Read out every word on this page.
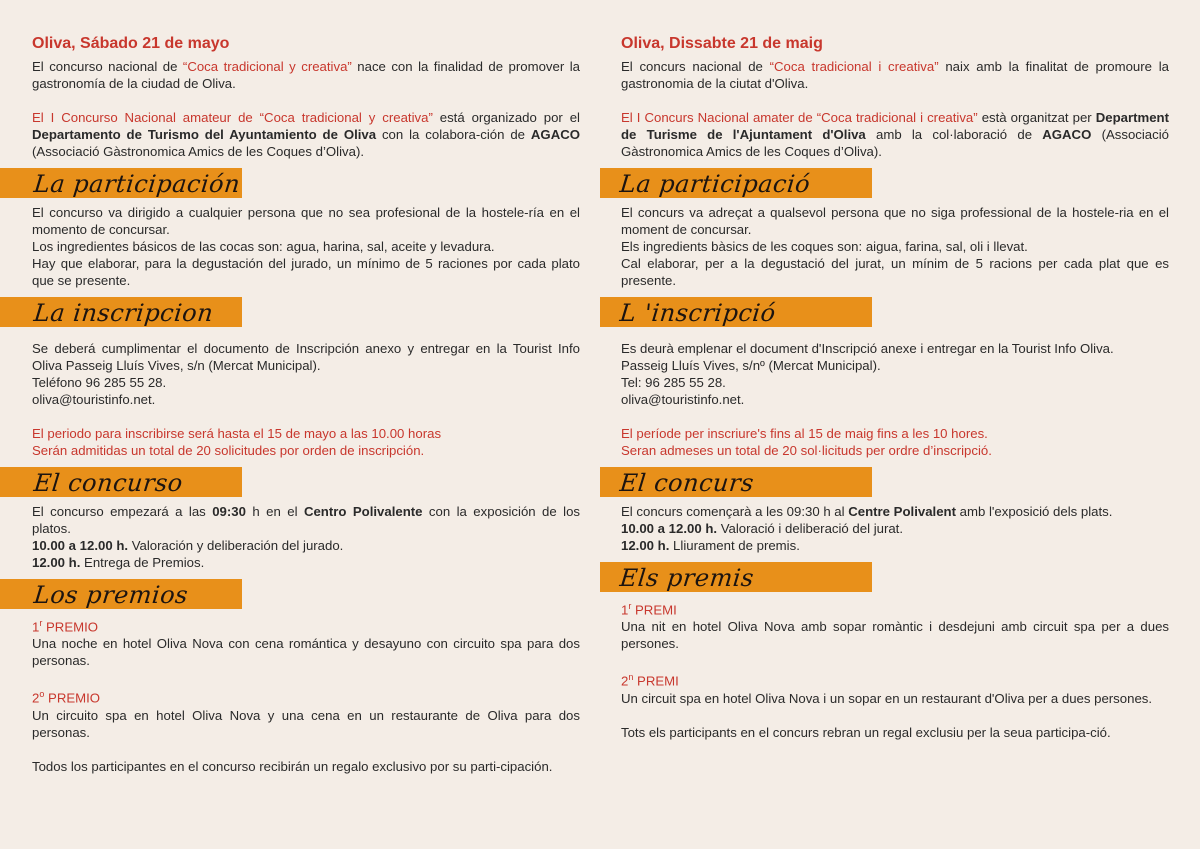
Oliva, Sábado 21 de mayo

El concurso nacional de “Coca tradicional y creativa” nace con la finalidad de promover la gastronomía de la ciudad de Oliva.

El I Concurso Nacional amateur de “Coca tradicional y creativa” está organizado por el Departamento de Turismo del Ayuntamiento de Oliva con la colabora-ción de AGACO (Associació Gàstronomica Amics de les Coques d’Oliva).

La participación

El concurso va dirigido a cualquier persona que no sea profesional de la hostele-ría en el momento de concursar.

Los ingredientes básicos de las cocas son: agua, harina, sal, aceite y levadura.

Hay que elaborar, para la degustación del jurado, un mínimo de 5 raciones por cada plato que se presente.

La inscripcion

Se deberá cumplimentar el documento de Inscripción anexo y entregar en la Tourist Info Oliva Passeig Lluís Vives, s/n (Mercat Municipal).

Teléfono 96 285 55 28.

oliva@touristinfo.net.

El periodo para inscribirse será hasta el 15 de mayo a las 10.00 horas

Serán admitidas un total de 20 solicitudes por orden de inscripción.

El concurso

El concurso empezará a las 09:30 h en el Centro Polivalente con la exposición de los platos.

10.00 a 12.00 h. Valoración y deliberación del jurado.

12.00 h. Entrega de Premios.

Los premios

1$^r$ PREMIO

Una noche en hotel Oliva Nova con cena romántica y desayuno con circuito spa para dos personas.

2$^o$ PREMIO

Un circuito spa en hotel Oliva Nova y una cena en un restaurante de Oliva para dos personas.

Todos los participantes en el concurso recibirán un regalo exclusivo por su parti-cipación.

Oliva, Dissabte 21 de maig

El concurs nacional de “Coca tradicional i creativa” naix amb la finalitat de promoure la gastronomia de la ciutat d'Oliva.

El I Concurs Nacional amater de “Coca tradicional i creativa” està organitzat per Department de Turisme de l'Ajuntament d'Oliva amb la col·laboració de AGACO (Associació Gàstronomica Amics de les Coques d’Oliva).

La participació

El concurs va adreçat a qualsevol persona que no siga professional de la hostele-ria en el moment de concursar.

Els ingredients bàsics de les coques son: aigua, farina, sal, oli i llevat.

Cal elaborar, per a la degustació del jurat, un mínim de 5 racions per cada plat que es presente.

L 'inscripció

Es deurà emplenar el document d'Inscripció anexe i entregar en la Tourist Info Oliva.

Passeig Lluís Vives, s/nº (Mercat Municipal).

Tel: 96 285 55 28.

oliva@touristinfo.net.

El període per inscriure's fins al 15 de maig fins a les 10 hores.

Seran admeses un total de 20 sol·licituds per ordre d’inscripció.

El concurs

El concurs començarà a les 09:30 h al Centre Polivalent amb l'exposició dels plats.

10.00 a 12.00 h. Valoració i deliberació del jurat.

12.00 h. Lliurament de premis.

Els premis

1$^r$ PREMI

Una nit en hotel Oliva Nova amb sopar romàntic i desdejuni amb circuit spa per a dues persones.

2$^n$ PREMI

Un circuit spa en hotel Oliva Nova i un sopar en un restaurant d'Oliva per a dues persones.

Tots els participants en el concurs rebran un regal exclusiu per la seua participa-ció.
